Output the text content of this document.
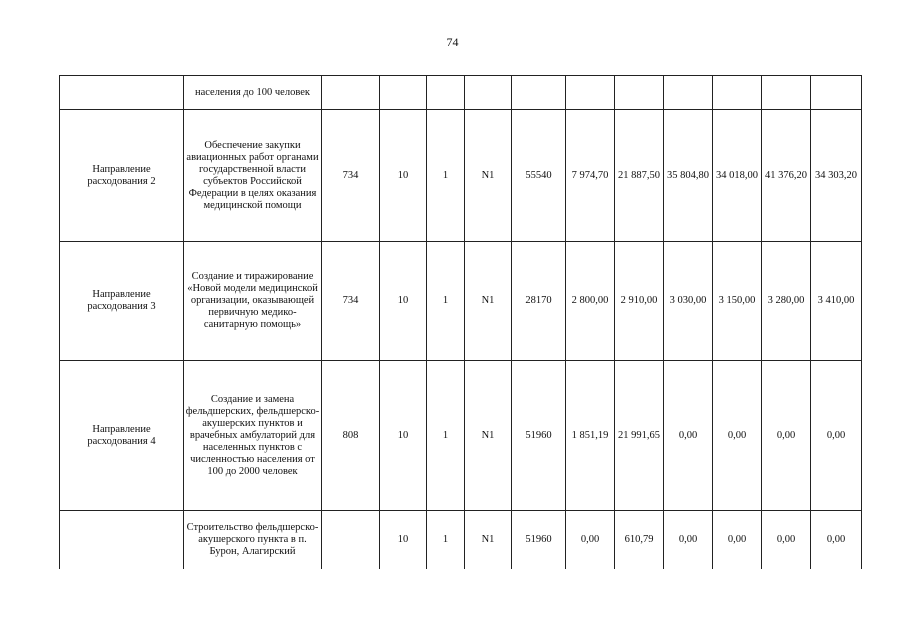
74

	населения до 100 человек											

Направление расходования 2	Обеспечение закупки авиационных работ органами государственной власти субъектов Российской Федерации в целях оказания медицинской помощи	734	10	1	N1	55540	7 974,70	21 887,50	35 804,80	34 018,00	41 376,20	34 303,20

Направление расходования 3	Создание и тиражирование «Новой модели медицинской организации, оказывающей первичную медико-санитарную помощь»	734	10	1	N1	28170	2 800,00	2 910,00	3 030,00	3 150,00	3 280,00	3 410,00

Направление расходования 4	Создание и замена фельдшерских, фельдшерско-акушерских пунктов и врачебных амбулаторий для населенных пунктов с численностью населения от 100 до 2000 человек	808	10	1	N1	51960	1 851,19	21 991,65	0,00	0,00	0,00	0,00

	Строительство фельдшерско-акушерского пункта в п. Бурон, Алагирский		10	1	N1	51960	0,00	610,79	0,00	0,00	0,00	0,00
